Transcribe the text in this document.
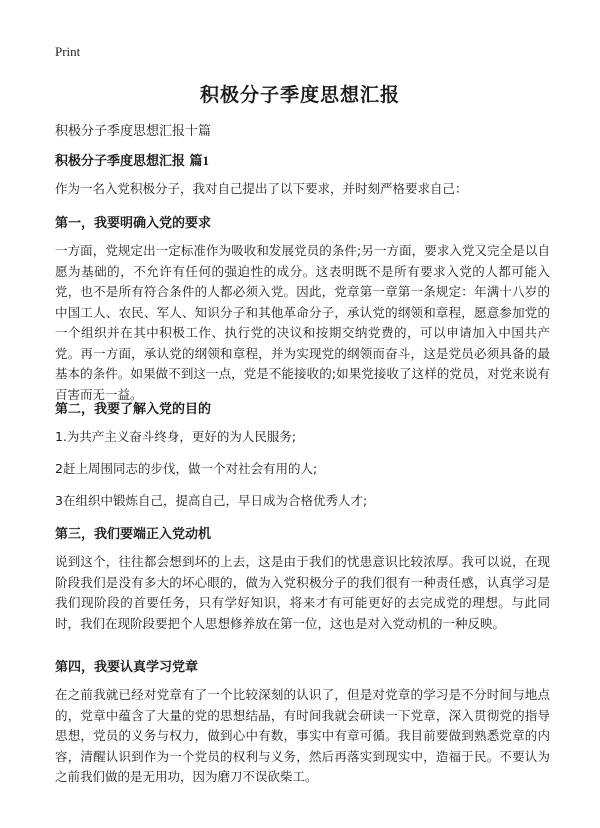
Print
积极分子季度思想汇报

积极分子季度思想汇报十篇

积极分子季度思想汇报 篇1

作为一名入党积极分子，我对自己提出了以下要求，并时刻严格要求自己：

第一，我要明确入党的要求

一方面，党规定出一定标准作为吸收和发展党员的条件;另一方面，要求入党又完全是以自愿为基础的，不允许有任何的强迫性的成分。这表明既不是所有要求入党的人都可能入党，也不是所有符合条件的人都必须入党。因此，党章第一章第一条规定：年满十八岁的中国工人、农民、军人、知识分子和其他革命分子，承认党的纲领和章程，愿意参加党的一个组织并在其中积极工作、执行党的决议和按期交纳党费的，可以申请加入中国共产党。再一方面，承认党的纲领和章程，并为实现党的纲领而奋斗，这是党员必须具备的最基本的条件。如果做不到这一点，党是不能接收的;如果党接收了这样的党员，对党来说有百害而无一益。

第二，我要了解入党的目的

1.为共产主义奋斗终身，更好的为人民服务;

2赶上周围同志的步伐，做一个对社会有用的人;

3在组织中锻炼自己，提高自己，早日成为合格优秀人才;

第三，我们要端正入党动机

说到这个，往往都会想到坏的上去，这是由于我们的忧患意识比较浓厚。我可以说，在现阶段我们是没有多大的坏心眼的，做为入党积极分子的我们很有一种责任感，认真学习是我们现阶段的首要任务，只有学好知识，将来才有可能更好的去完成党的理想。与此同时，我们在现阶段要把个人思想修养放在第一位，这也是对入党动机的一种反映。

第四，我要认真学习党章

在之前我就已经对党章有了一个比较深刻的认识了，但是对党章的学习是不分时间与地点的，党章中蕴含了大量的党的思想结晶，有时间我就会研读一下党章，深入贯彻党的指导思想，党员的义务与权力，做到心中有数，事实中有章可循。我目前要做到熟悉党章的内容，清醒认识到作为一个党员的权利与义务，然后再落实到现实中，造福于民。不要认为之前我们做的是无用功，因为磨刀不误砍柴工。
